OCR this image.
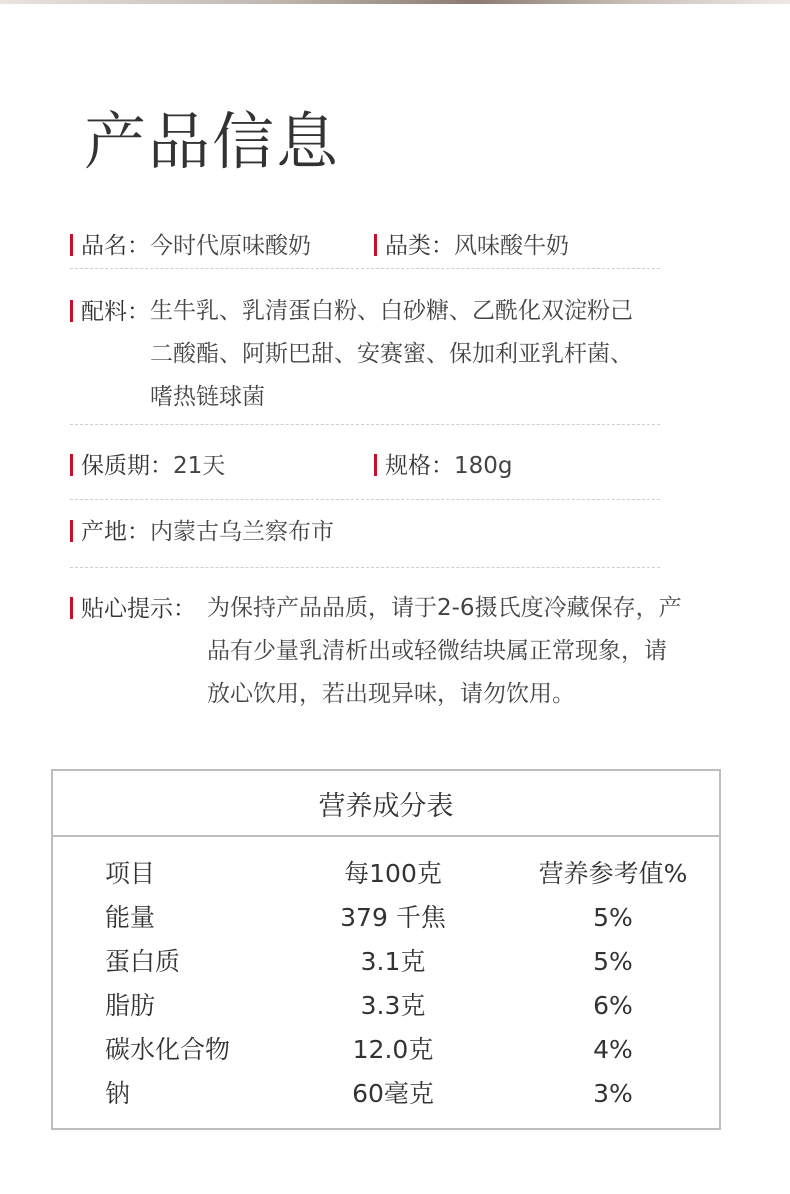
产品信息
品名：今时代原味酸奶	品类：风味酸牛奶
配料： 生牛乳、乳清蛋白粉、白砂糖、乙酰化双淀粉己
二酸酯、阿斯巴甜、安赛蜜、保加利亚乳杆菌、
嗜热链球菌
保质期：21天	规格：180g
产地：内蒙古乌兰察布市
贴心提示： 为保持产品品质，请于2-6摄氏度冷藏保存，产
品有少量乳清析出或轻微结块属正常现象，请
放心饮用，若出现异味，请勿饮用。
营养成分表
项目	每100克	营养参考值%
能量	379 千焦	5%
蛋白质	3.1克	5%
脂肪	3.3克	6%
碳水化合物	12.0克	4%
钠	60毫克	3%
